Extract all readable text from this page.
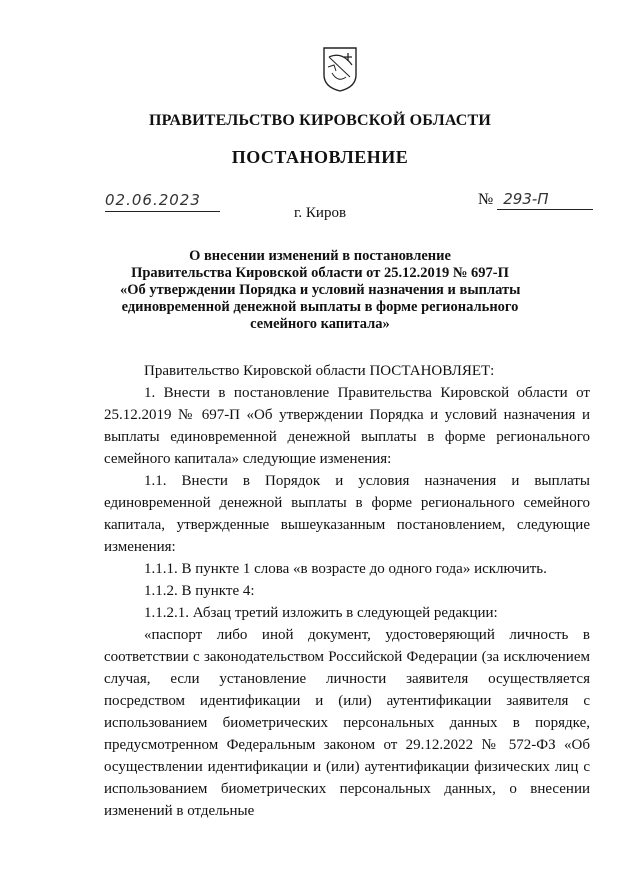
ПРАВИТЕЛЬСТВО КИРОВСКОЙ ОБЛАСТИ
ПОСТАНОВЛЕНИЕ
02.06.2023	№ 293-П
г. Киров
О внесении изменений в постановление
Правительства Кировской области от 25.12.2019 № 697-П
«Об утверждении Порядка и условий назначения и выплаты
единовременной денежной выплаты в форме регионального
семейного капитала»

Правительство Кировской области ПОСТАНОВЛЯЕТ:

1. Внести в постановление Правительства Кировской области от 25.12.2019 № 697-П «Об утверждении Порядка и условий назначения и выплаты единовременной денежной выплаты в форме регионального семейного капитала» следующие изменения:

1.1. Внести в Порядок и условия назначения и выплаты единовременной денежной выплаты в форме регионального семейного капитала, утвержденные вышеуказанным постановлением, следующие изменения:

1.1.1. В пункте 1 слова «в возрасте до одного года» исключить.

1.1.2. В пункте 4:

1.1.2.1. Абзац третий изложить в следующей редакции:

«паспорт либо иной документ, удостоверяющий личность в соответствии с законодательством Российской Федерации (за исключением случая, если установление личности заявителя осуществляется посредством идентификации и (или) аутентификации заявителя с использованием биометрических персональных данных в порядке, предусмотренном Федеральным законом от 29.12.2022 № 572-ФЗ «Об осуществлении идентификации и (или) аутентификации физических лиц с использованием биометрических персональных данных, о внесении изменений в отдельные
